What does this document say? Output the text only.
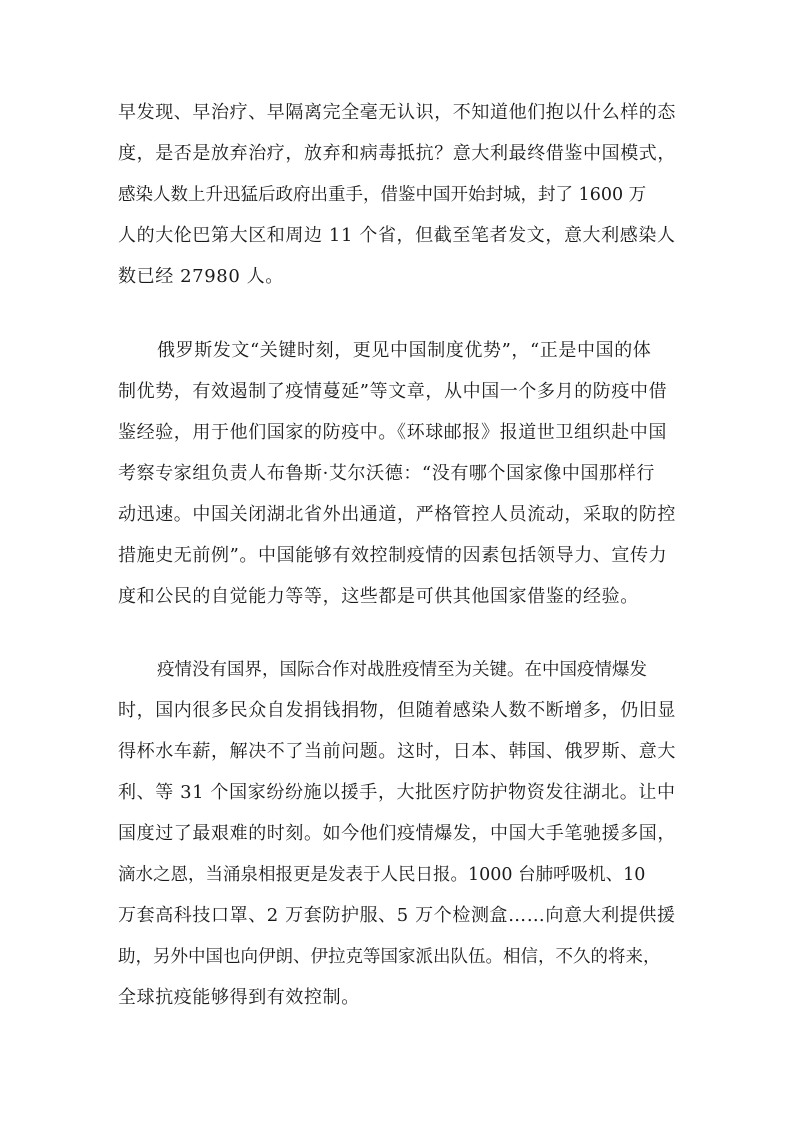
早发现、早治疗、早隔离完全毫无认识，不知道他们抱以什么样的态
度，是否是放弃治疗，放弃和病毒抵抗？意大利最终借鉴中国模式，
感染人数上升迅猛后政府出重手，借鉴中国开始封城，封了 1600 万
人的大伦巴第大区和周边 11 个省，但截至笔者发文，意大利感染人
数已经 27980 人。
俄罗斯发文“关键时刻，更见中国制度优势”，“正是中国的体
制优势，有效遏制了疫情蔓延”等文章，从中国一个多月的防疫中借
鉴经验，用于他们国家的防疫中。《环球邮报》报道世卫组织赴中国
考察专家组负责人布鲁斯·艾尔沃德：“没有哪个国家像中国那样行
动迅速。中国关闭湖北省外出通道，严格管控人员流动，采取的防控
措施史无前例”。中国能够有效控制疫情的因素包括领导力、宣传力
度和公民的自觉能力等等，这些都是可供其他国家借鉴的经验。
疫情没有国界，国际合作对战胜疫情至为关键。在中国疫情爆发
时，国内很多民众自发捐钱捐物，但随着感染人数不断增多，仍旧显
得杯水车薪，解决不了当前问题。这时，日本、韩国、俄罗斯、意大
利、等 31 个国家纷纷施以援手，大批医疗防护物资发往湖北。让中
国度过了最艰难的时刻。如今他们疫情爆发，中国大手笔驰援多国，
滴水之恩，当涌泉相报更是发表于人民日报。1000 台肺呼吸机、10
万套高科技口罩、2 万套防护服、5 万个检测盒……向意大利提供援
助，另外中国也向伊朗、伊拉克等国家派出队伍。相信，不久的将来，
全球抗疫能够得到有效控制。
